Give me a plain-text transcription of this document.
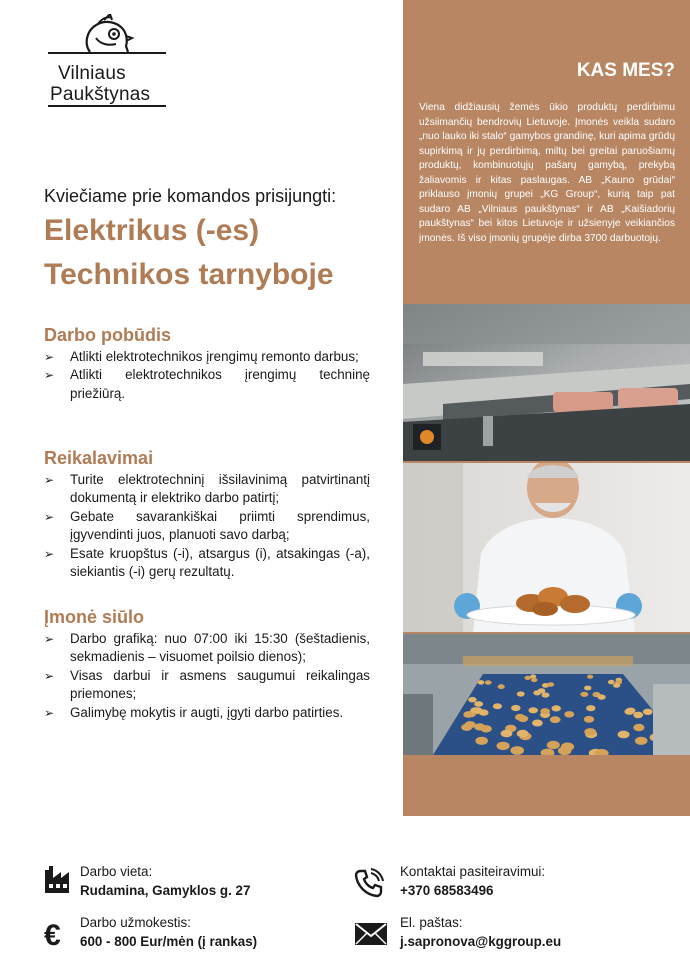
Vilniaus
Paukštynas
Kviečiame prie komandos prisijungti:
Elektrikus (-es)
Technikos tarnyboje
Darbo pobūdis
➢ Atlikti elektrotechnikos įrengimų remonto darbus;
➢ Atlikti elektrotechnikos įrengimų techninę priežiūrą.
Reikalavimai
➢ Turite elektrotechninį išsilavinimą patvirtinantį dokumentą ir elektriko darbo patirtį;
➢ Gebate savarankiškai priimti sprendimus, įgyvendinti juos, planuoti savo darbą;
➢ Esate kruopštus (-i), atsargus (i), atsakingas (-a), siekiantis (-i) gerų rezultatų.
Įmonė siūlo
➢ Darbo grafiką: nuo 07:00 iki 15:30 (šeštadienis, sekmadienis – visuomet poilsio dienos);
➢ Visas darbui ir asmens saugumui reikalingas priemones;
➢ Galimybę mokytis ir augti, įgyti darbo patirties.
KAS MES?
Viena didžiausių žemės ūkio produktų perdirbimu užsiimančių bendrovių Lietuvoje. Įmonės veikla sudaro „nuo lauko iki stalo“ gamybos grandinę, kuri apima grūdų supirkimą ir jų perdirbimą, miltų bei greitai paruošiamų produktų, kombinuotųjų pašarų gamybą, prekybą žaliavomis ir kitas paslaugas. AB „Kauno grūdai“ priklauso įmonių grupei „KG Group“, kurią taip pat sudaro AB „Vilniaus paukštynas“ ir AB „Kaišiadorių paukštynas“ bei kitos Lietuvoje ir užsienyje veikiančios įmonės. Iš viso įmonių grupėje dirba 3700 darbuotojų.
Darbo vieta:
Rudamina, Gamyklos g. 27
€ Darbo užmokestis:
600 - 800 Eur/mėn (į rankas)
Kontaktai pasiteiravimui:
+370 68583496
El. paštas:
j.sapronova@kggroup.eu
